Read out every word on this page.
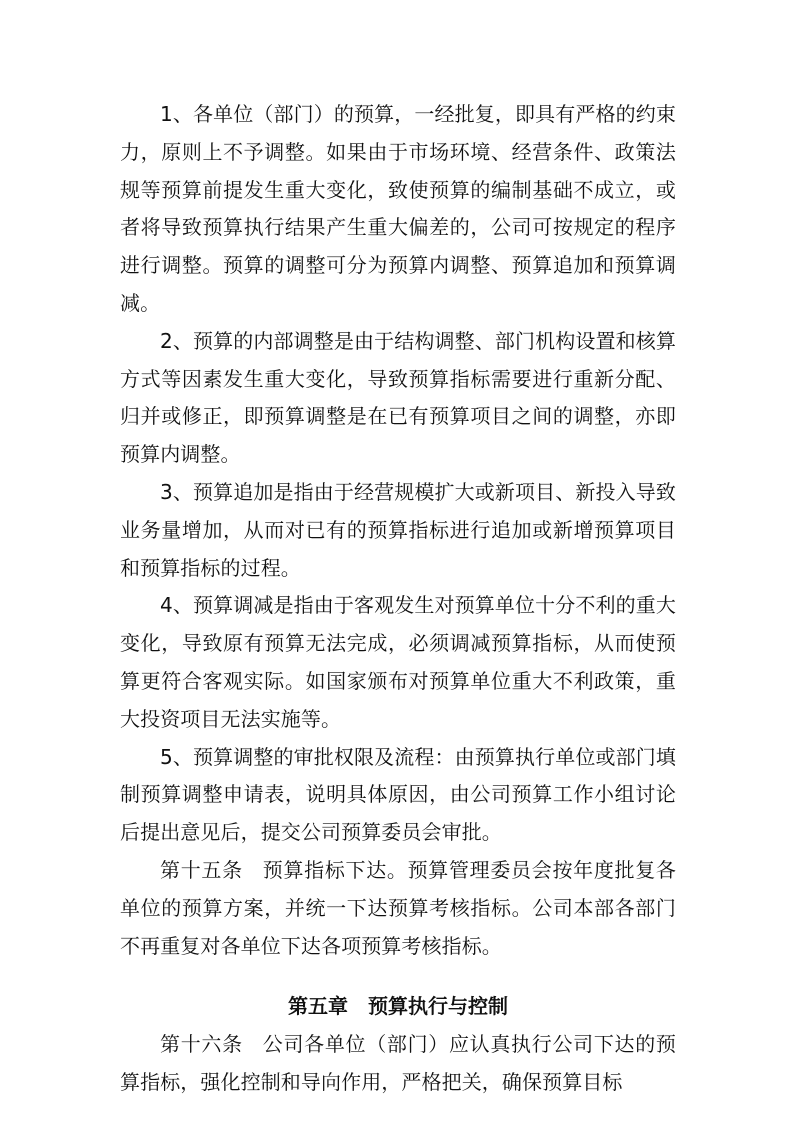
1、各单位（部门）的预算，一经批复，即具有严格的约束力，原则上不予调整。如果由于市场环境、经营条件、政策法规等预算前提发生重大变化，致使预算的编制基础不成立，或者将导致预算执行结果产生重大偏差的，公司可按规定的程序进行调整。预算的调整可分为预算内调整、预算追加和预算调减。

2、预算的内部调整是由于结构调整、部门机构设置和核算方式等因素发生重大变化，导致预算指标需要进行重新分配、归并或修正，即预算调整是在已有预算项目之间的调整，亦即预算内调整。

3、预算追加是指由于经营规模扩大或新项目、新投入导致业务量增加，从而对已有的预算指标进行追加或新增预算项目和预算指标的过程。

4、预算调减是指由于客观发生对预算单位十分不利的重大变化，导致原有预算无法完成，必须调减预算指标，从而使预算更符合客观实际。如国家颁布对预算单位重大不利政策，重大投资项目无法实施等。

5、预算调整的审批权限及流程：由预算执行单位或部门填制预算调整申请表，说明具体原因，由公司预算工作小组讨论后提出意见后，提交公司预算委员会审批。

第十五条 预算指标下达。预算管理委员会按年度批复各单位的预算方案，并统一下达预算考核指标。公司本部各部门不再重复对各单位下达各项预算考核指标。

第五章 预算执行与控制

第十六条 公司各单位（部门）应认真执行公司下达的预算指标，强化控制和导向作用，严格把关，确保预算目标
